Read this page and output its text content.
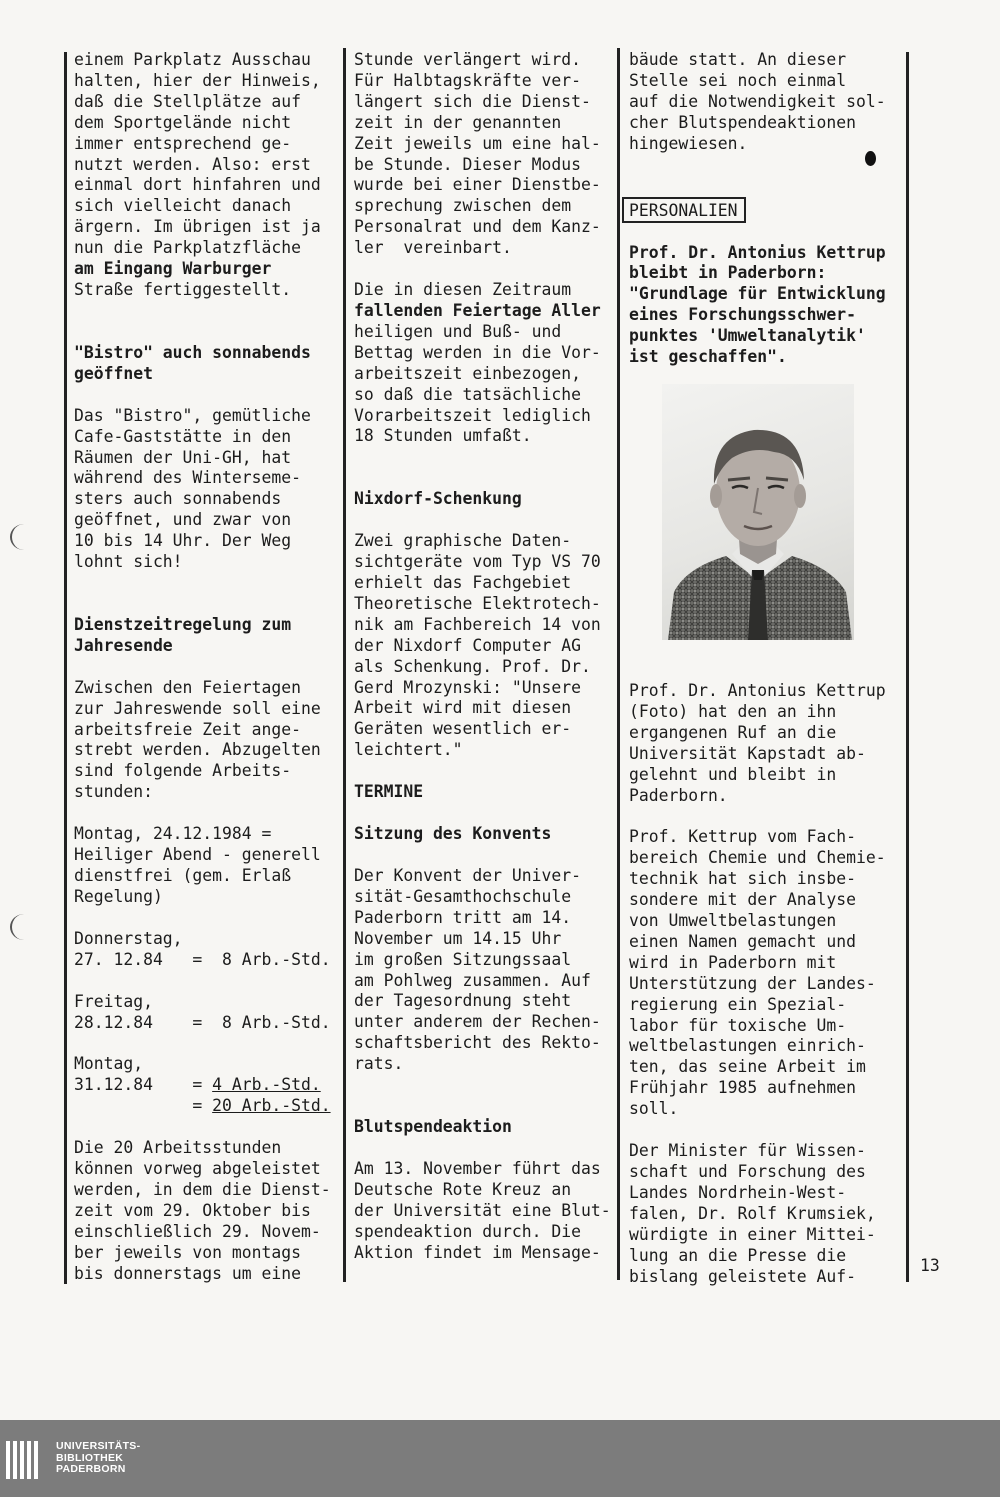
einem Parkplatz Ausschau
halten, hier der Hinweis,
daß die Stellplätze auf
dem Sportgelände nicht
immer entsprechend ge-
nutzt werden. Also: erst
einmal dort hinfahren und
sich vielleicht danach
ärgern. Im übrigen ist ja
nun die Parkplatzfläche
am Eingang Warburger
Straße fertiggestellt.
"Bistro" auch sonnabends
geöffnet
Das "Bistro", gemütliche
Cafe-Gaststätte in den
Räumen der Uni-GH, hat
während des Winterseme-
sters auch sonnabends
geöffnet, und zwar von
10 bis 14 Uhr. Der Weg
lohnt sich!
Dienstzeitregelung zum
Jahresende
Zwischen den Feiertagen
zur Jahreswende soll eine
arbeitsfreie Zeit ange-
strebt werden. Abzugelten
sind folgende Arbeits-
stunden:
Montag, 24.12.1984 =
Heiliger Abend - generell
dienstfrei (gem. Erlaß
Regelung)
Donnerstag,
27. 12.84   =  8 Arb.-Std.
Freitag,
28.12.84    =  8 Arb.-Std.
Montag,
31.12.84    = 4 Arb.-Std.
= 20 Arb.-Std.
Die 20 Arbeitsstunden
können vorweg abgeleistet
werden, in dem die Dienst-
zeit vom 29. Oktober bis
einschließlich 29. Novem-
ber jeweils von montags
bis donnerstags um eine
Stunde verlängert wird.
Für Halbtagskräfte ver-
längert sich die Dienst-
zeit in der genannten
Zeit jeweils um eine hal-
be Stunde. Dieser Modus
wurde bei einer Dienstbe-
sprechung zwischen dem
Personalrat und dem Kanz-
ler  vereinbart.
Die in diesen Zeitraum
fallenden Feiertage Aller
heiligen und Buß- und
Bettag werden in die Vor-
arbeitszeit einbezogen,
so daß die tatsächliche
Vorarbeitszeit lediglich
18 Stunden umfaßt.
Nixdorf-Schenkung
Zwei graphische Daten-
sichtgeräte vom Typ VS 70
erhielt das Fachgebiet
Theoretische Elektrotech-
nik am Fachbereich 14 von
der Nixdorf Computer AG
als Schenkung. Prof. Dr.
Gerd Mrozynski: "Unsere
Arbeit wird mit diesen
Geräten wesentlich er-
leichtert."
TERMINE
Sitzung des Konvents
Der Konvent der Univer-
sität-Gesamthochschule
Paderborn tritt am 14.
November um 14.15 Uhr
im großen Sitzungssaal
am Pohlweg zusammen. Auf
der Tagesordnung steht
unter anderem der Rechen-
schaftsbericht des Rekto-
rats.
Blutspendeaktion
Am 13. November führt das
Deutsche Rote Kreuz an
der Universität eine Blut-
spendeaktion durch. Die
Aktion findet im Mensage-
bäude statt. An dieser
Stelle sei noch einmal
auf die Notwendigkeit sol-
cher Blutspendeaktionen
hingewiesen.
PERSONALIEN
Prof. Dr. Antonius Kettrup
bleibt in Paderborn:
"Grundlage für Entwicklung
eines Forschungsschwer-
punktes 'Umweltanalytik'
ist geschaffen".
Prof. Dr. Antonius Kettrup
(Foto) hat den an ihn
ergangenen Ruf an die
Universität Kapstadt ab-
gelehnt und bleibt in
Paderborn.
Prof. Kettrup vom Fach-
bereich Chemie und Chemie-
technik hat sich insbe-
sondere mit der Analyse
von Umweltbelastungen
einen Namen gemacht und
wird in Paderborn mit
Unterstützung der Landes-
regierung ein Spezial-
labor für toxische Um-
weltbelastungen einrich-
ten, das seine Arbeit im
Frühjahr 1985 aufnehmen
soll.
Der Minister für Wissen-
schaft und Forschung des
Landes Nordrhein-West-
falen, Dr. Rolf Krumsiek,
würdigte in einer Mittei-
lung an die Presse die
bislang geleistete Auf-
13
UNIVERSITÄTS-
BIBLIOTHEK
PADERBORN
